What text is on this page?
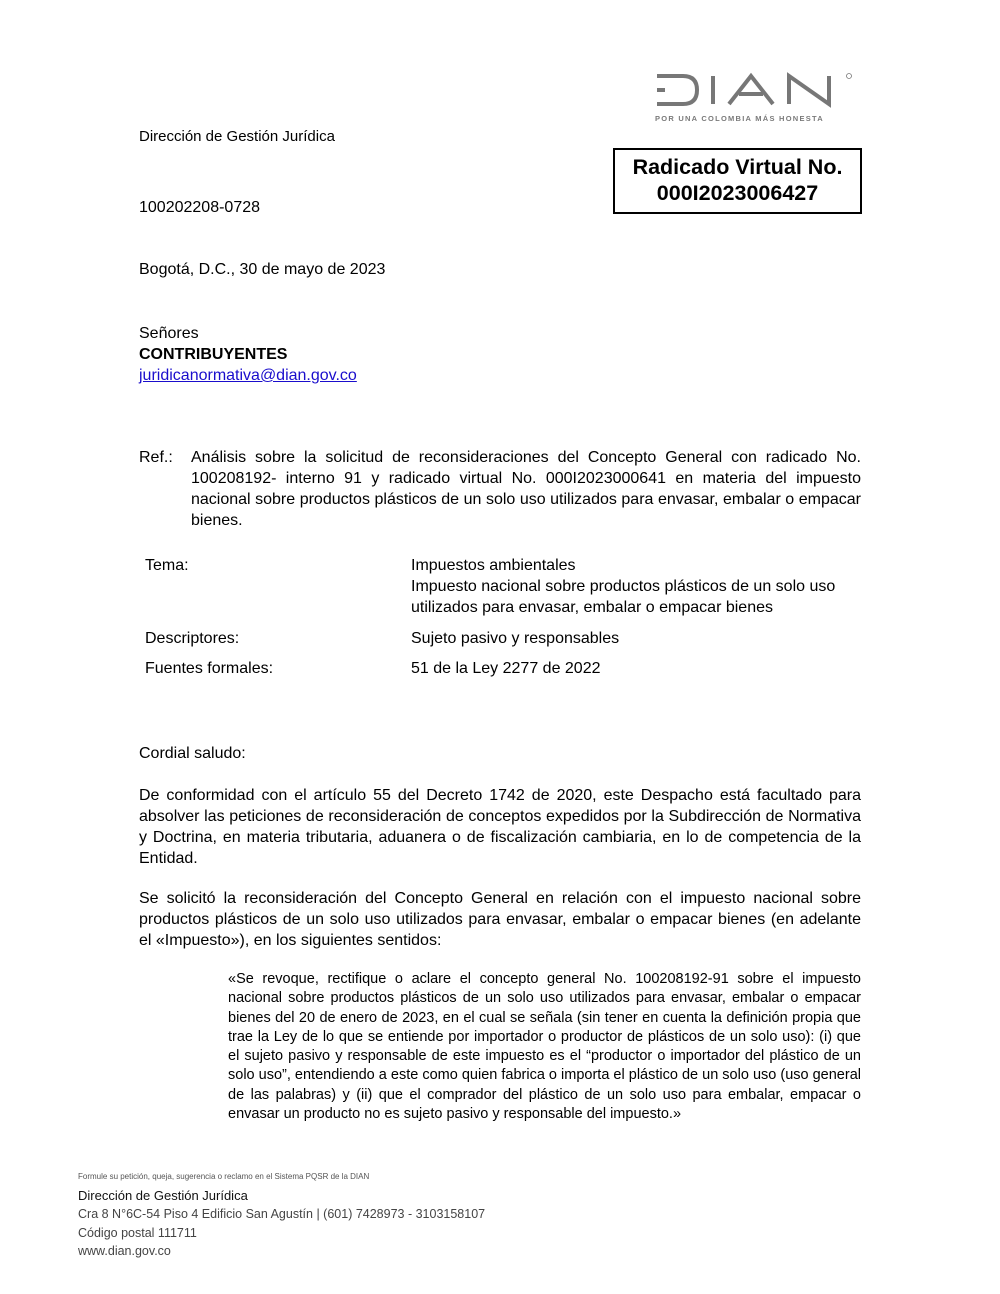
POR UNA COLOMBIA MÁS HONESTA
Dirección de Gestión Jurídica
Radicado Virtual No.
000I2023006427
100202208-0728
Bogotá, D.C., 30 de mayo de 2023
Señores
CONTRIBUYENTES
juridicanormativa@dian.gov.co
Ref.: Análisis sobre la solicitud de reconsideraciones del Concepto General con radicado No. 100208192- interno 91 y radicado virtual No. 000I2023000641 en materia del impuesto nacional sobre productos plásticos de un solo uso utilizados para envasar, embalar o empacar bienes.
Tema:	Impuestos ambientales
Impuesto nacional sobre productos plásticos de un solo uso utilizados para envasar, embalar o empacar bienes
Descriptores:	Sujeto pasivo y responsables
Fuentes formales:	51 de la Ley 2277 de 2022
Cordial saludo:
De conformidad con el artículo 55 del Decreto 1742 de 2020, este Despacho está facultado para absolver las peticiones de reconsideración de conceptos expedidos por la Subdirección de Normativa y Doctrina, en materia tributaria, aduanera o de fiscalización cambiaria, en lo de competencia de la Entidad.
Se solicitó la reconsideración del Concepto General en relación con el impuesto nacional sobre productos plásticos de un solo uso utilizados para envasar, embalar o empacar bienes (en adelante el «Impuesto»), en los siguientes sentidos:
«Se revoque, rectifique o aclare el concepto general No. 100208192-91 sobre el impuesto nacional sobre productos plásticos de un solo uso utilizados para envasar, embalar o empacar bienes del 20 de enero de 2023, en el cual se señala (sin tener en cuenta la definición propia que trae la Ley de lo que se entiende por importador o productor de plásticos de un solo uso): (i) que el sujeto pasivo y responsable de este impuesto es el “productor o importador del plástico de un solo uso”, entendiendo a este como quien fabrica o importa el plástico de un solo uso (uso general de las palabras) y (ii) que el comprador del plástico de un solo uso para embalar, empacar o envasar un producto no es sujeto pasivo y responsable del impuesto.»
Formule su petición, queja, sugerencia o reclamo en el Sistema PQSR de la DIAN
Dirección de Gestión Jurídica
Cra 8 N°6C-54 Piso 4 Edificio San Agustín | (601) 7428973 - 3103158107
Código postal 111711
www.dian.gov.co
